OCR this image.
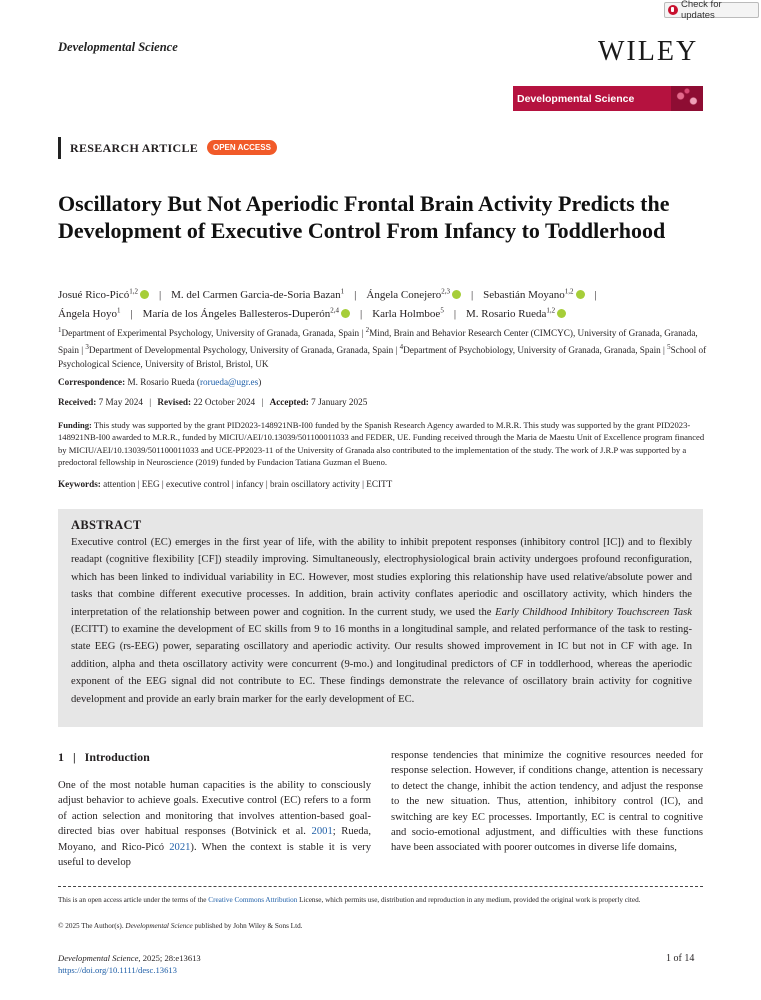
Check for updates
Developmental Science	WILEY
Developmental Science
RESEARCH ARTICLE	OPEN ACCESS
Oscillatory But Not Aperiodic Frontal Brain Activity Predicts the Development of Executive Control From Infancy to Toddlerhood
Josué Rico-Picó$^{1,2}$ | M. del Carmen Garcia-de-Soria Bazan$^1$ | Ángela Conejero$^{2,3}$ | Sebastián Moyano$^{1,2}$ |
Ángela Hoyo$^1$ | María de los Ángeles Ballesteros-Duperón$^{2,4}$ | Karla Holmboe$^5$ | M. Rosario Rueda$^{1,2}$
$^1$Department of Experimental Psychology, University of Granada, Granada, Spain | $^2$Mind, Brain and Behavior Research Center (CIMCYC), University of Granada, Granada, Spain | $^3$Department of Developmental Psychology, University of Granada, Granada, Spain | $^4$Department of Psychobiology, University of Granada, Granada, Spain | $^5$School of Psychological Science, University of Bristol, Bristol, UK
Correspondence: M. Rosario Rueda (rorueda@ugr.es)
Received: 7 May 2024 | Revised: 22 October 2024 | Accepted: 7 January 2025
Funding: This study was supported by the grant PID2023-148921NB-I00 funded by the Spanish Research Agency awarded to M.R.R. This study was supported by the grant PID2023-148921NB-I00 awarded to M.R.R., funded by MICIU/AEI/10.13039/501100011033 and FEDER, UE. Funding received through the Maria de Maestu Unit of Excellence program financed by MICIU/AEI/10.13039/501100011033 and UCE-PP2023-11 of the University of Granada also contributed to the implementation of the study. The work of J.R.P was supported by a predoctoral fellowship in Neuroscience (2019) funded by Fundacion Tatiana Guzman el Bueno.
Keywords: attention | EEG | executive control | infancy | brain oscillatory activity | ECITT
ABSTRACT
Executive control (EC) emerges in the first year of life, with the ability to inhibit prepotent responses (inhibitory control [IC]) and to flexibly readapt (cognitive flexibility [CF]) steadily improving. Simultaneously, electrophysiological brain activity undergoes profound reconfiguration, which has been linked to individual variability in EC. However, most studies exploring this relationship have used relative/absolute power and tasks that combine different executive processes. In addition, brain activity conflates aperiodic and oscillatory activity, which hinders the interpretation of the relationship between power and cognition. In the current study, we used the Early Childhood Inhibitory Touchscreen Task (ECITT) to examine the development of EC skills from 9 to 16 months in a longitudinal sample, and related performance of the task to resting-state EEG (rs-EEG) power, separating oscillatory and aperiodic activity. Our results showed improvement in IC but not in CF with age. In addition, alpha and theta oscillatory activity were concurrent (9-mo.) and longitudinal predictors of CF in toddlerhood, whereas the aperiodic exponent of the EEG signal did not contribute to EC. These findings demonstrate the relevance of oscillatory brain activity for cognitive development and provide an early brain marker for the early development of EC.
1 | Introduction
One of the most notable human capacities is the ability to consciously adjust behavior to achieve goals. Executive control (EC) refers to a form of action selection and monitoring that involves attention-based goal-directed bias over habitual responses (Botvinick et al. 2001; Rueda, Moyano, and Rico-Picó 2021). When the context is stable it is very useful to develop
response tendencies that minimize the cognitive resources needed for response selection. However, if conditions change, attention is necessary to detect the change, inhibit the action tendency, and adjust the response to the new situation. Thus, attention, inhibitory control (IC), and switching are key EC processes. Importantly, EC is central to cognitive and socio-emotional adjustment, and difficulties with these functions have been associated with poorer outcomes in diverse life domains,
This is an open access article under the terms of the Creative Commons Attribution License, which permits use, distribution and reproduction in any medium, provided the original work is properly cited.
© 2025 The Author(s). Developmental Science published by John Wiley & Sons Ltd.
Developmental Science, 2025; 28:e13613
https://doi.org/10.1111/desc.13613
1 of 14
